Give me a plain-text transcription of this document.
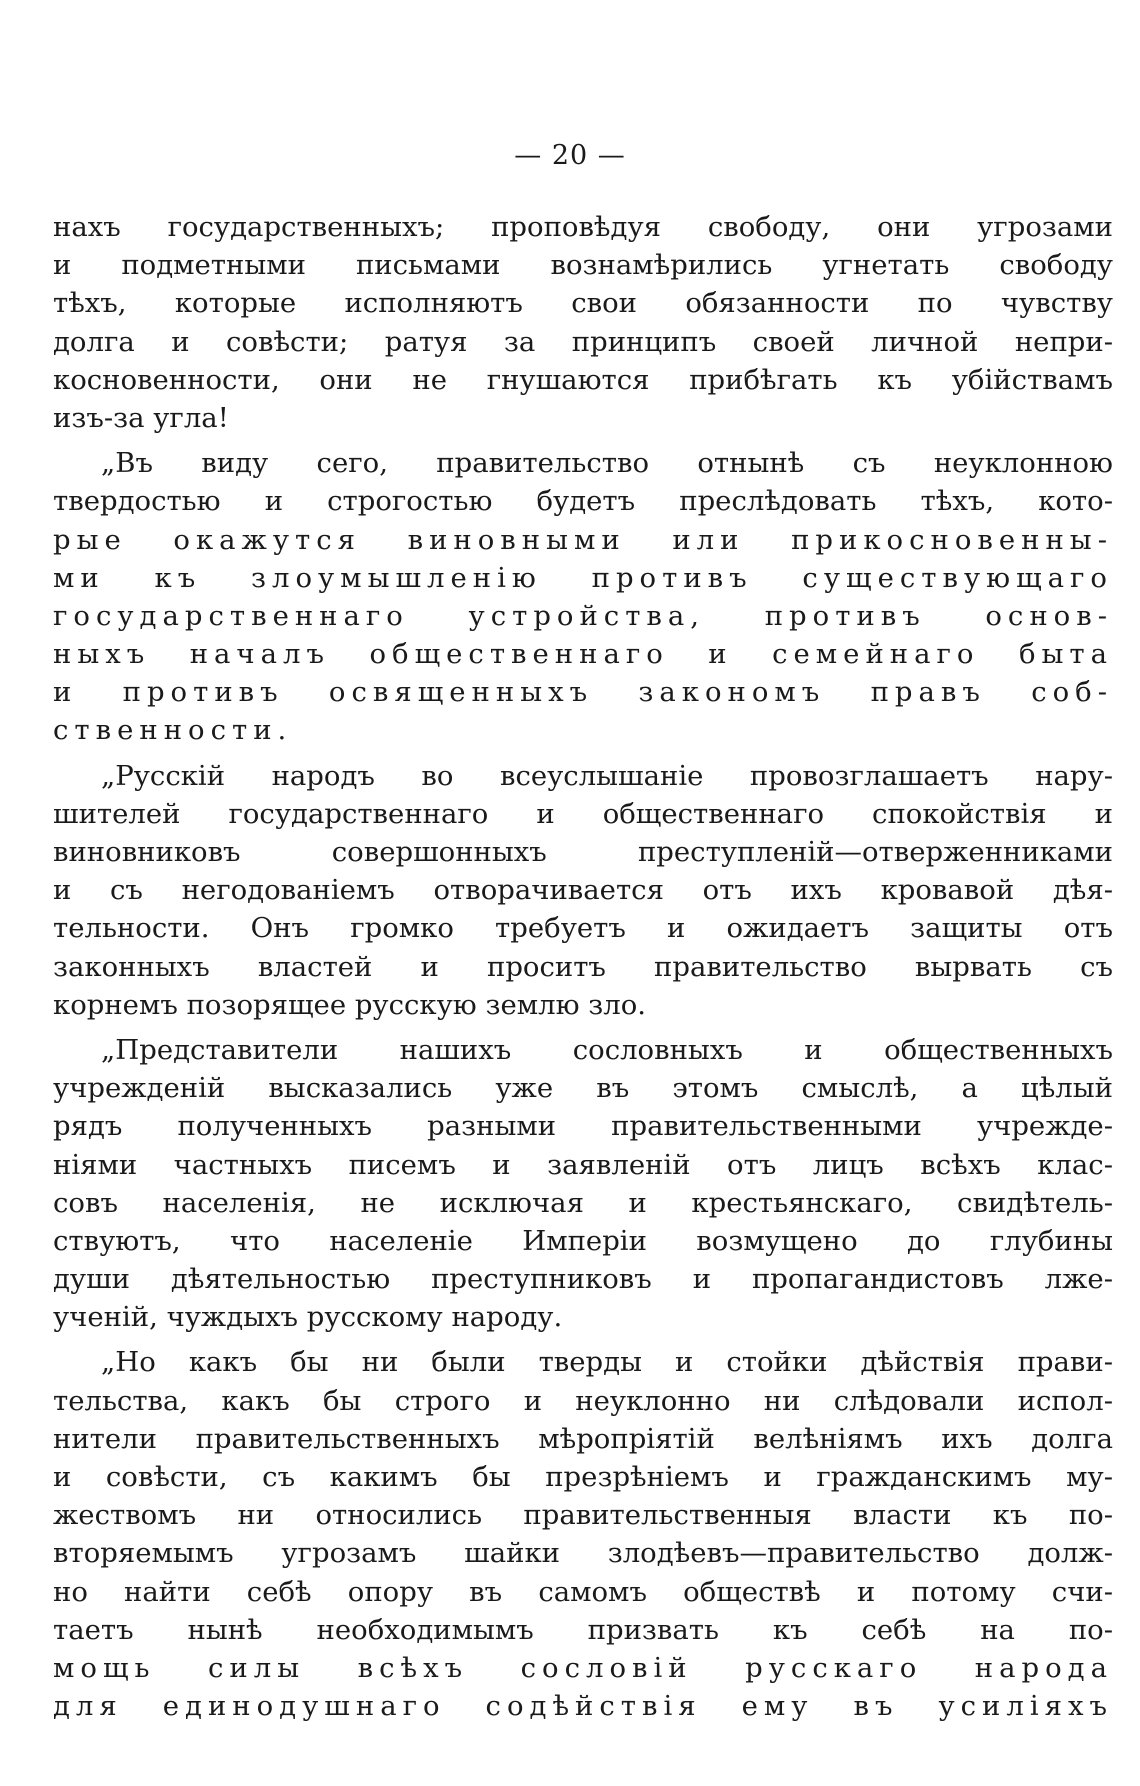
— 20 —
нахъ государственныхъ; проповѣдуя свободу, они угрозами
и подметными письмами вознамѣрились угнетать свободу
тѣхъ, которые исполняютъ свои обязанности по чувству
долга и совѣсти; ратуя за принципъ своей личной непри-
косновенности, они не гнушаются прибѣгать къ убійствамъ
изъ-за угла!
„Въ виду сего, правительство отнынѣ съ неуклонною
твердостью и строгостью будетъ преслѣдовать тѣхъ, кото-
рые окажутся виновными или прикосновенны-
ми къ злоумышленію противъ существующаго
государственнаго устройства, противъ основ-
ныхъ началъ общественнаго и семейнаго быта
и противъ освященныхъ закономъ правъ соб-
ственности.
„Русскій народъ во всеуслышаніе провозглашаетъ нару-
шителей государственнаго и общественнаго спокойствія и
виновниковъ совершонныхъ преступленій—отверженниками
и съ негодованіемъ отворачивается отъ ихъ кровавой дѣя-
тельности. Онъ громко требуетъ и ожидаетъ защиты отъ
законныхъ властей и проситъ правительство вырвать съ
корнемъ позорящее русскую землю зло.
„Представители нашихъ сословныхъ и общественныхъ
учрежденій высказались уже въ этомъ смыслѣ, а цѣлый
рядъ полученныхъ разными правительственными учрежде-
ніями частныхъ писемъ и заявленій отъ лицъ всѣхъ клас-
совъ населенія, не исключая и крестьянскаго, свидѣтель-
ствуютъ, что населеніе Имперіи возмущено до глубины
души дѣятельностью преступниковъ и пропагандистовъ лже-
ученій, чуждыхъ русскому народу.
„Но какъ бы ни были тверды и стойки дѣйствія прави-
тельства, какъ бы строго и неуклонно ни слѣдовали испол-
нители правительственныхъ мѣропріятій велѣніямъ ихъ долга
и совѣсти, съ какимъ бы презрѣніемъ и гражданскимъ му-
жествомъ ни относились правительственныя власти къ по-
вторяемымъ угрозамъ шайки злодѣевъ—правительство долж-
но найти себѣ опору въ самомъ обществѣ и потому счи-
таетъ нынѣ необходимымъ призвать къ себѣ на по-
мощь силы всѣхъ сословій русскаго народа
для единодушнаго содѣйствія ему въ усиліяхъ
